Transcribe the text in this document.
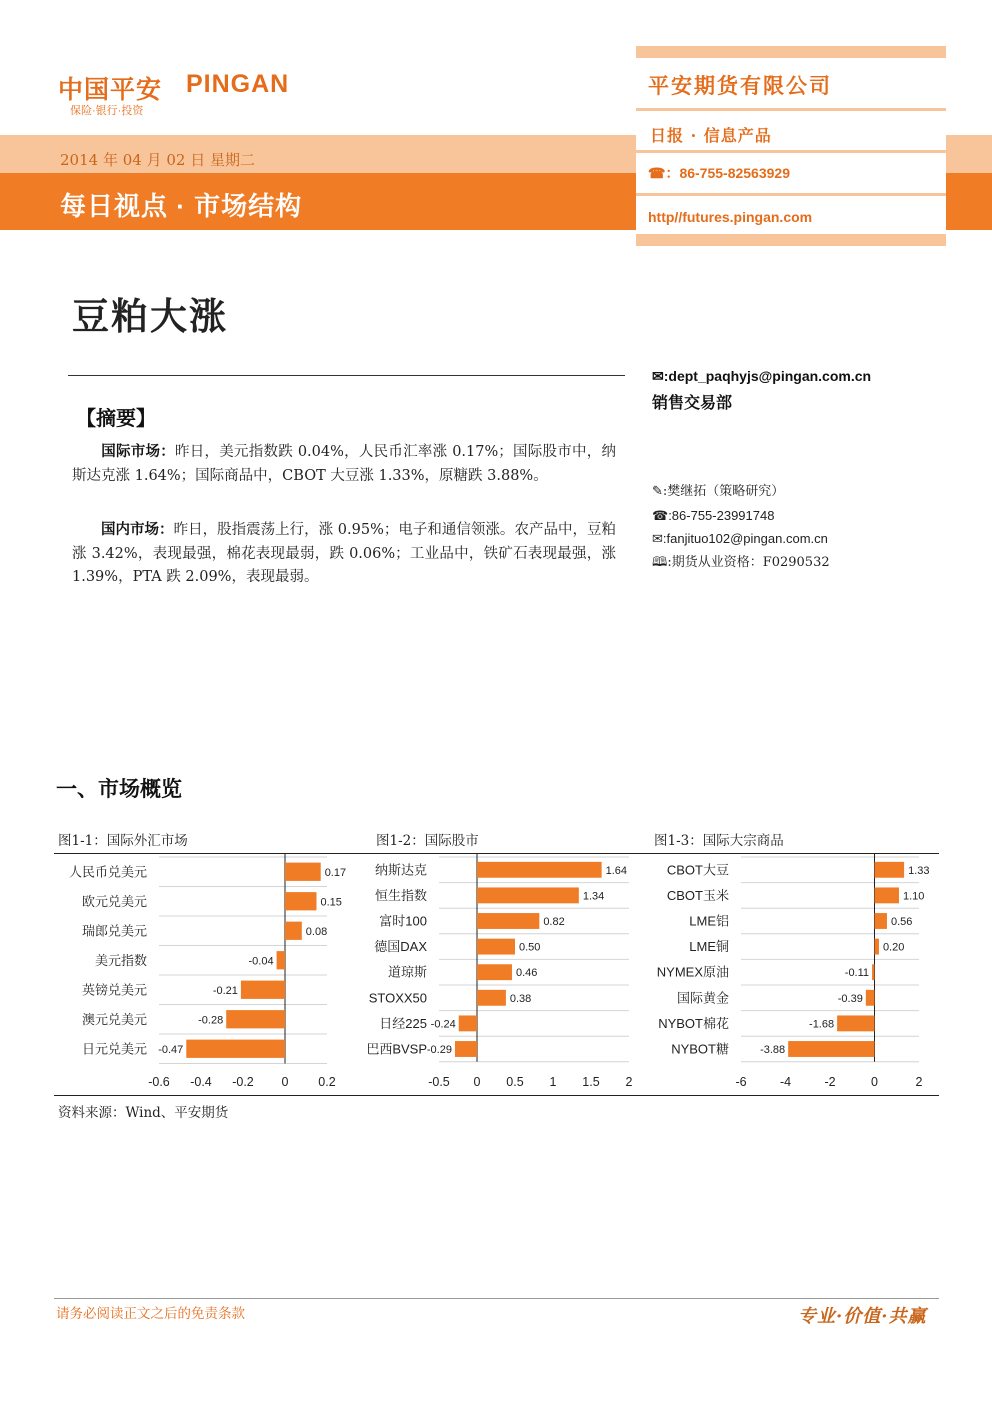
中国平安 PINGAN
保险·银行·投资
2014 年 04 月 02 日 星期二
每日视点 · 市场结构
平安期货有限公司
日报 · 信息产品
☎：86-755-82563929
http//futures.pingan.com
豆粕大涨
✉:dept_paqhyjs@pingan.com.cn
销售交易部
✎:樊继拓（策略研究）
☎:86-755-23991748
✉:fanjituo102@pingan.com.cn
🕮:期货从业资格：F0290532
【摘要】
国际市场：昨日，美元指数跌 0.04%，人民币汇率涨 0.17%；国际股市中，纳斯达克涨 1.64%；国际商品中，CBOT 大豆涨 1.33%，原糖跌 3.88%。
国内市场：昨日，股指震荡上行，涨 0.95%；电子和通信领涨。农产品中，豆粕涨 3.42%，表现最强，棉花表现最弱，跌 0.06%；工业品中，铁矿石表现最强，涨 1.39%，PTA 跌 2.09%，表现最弱。
一、市场概览
图1-1：国际外汇市场	图1-2：国际股市	图1-3：国际大宗商品
资料来源：Wind、平安期货
人民币兑美元	0.17
欧元兑美元	0.15
瑞郎兑美元	0.08
美元指数	-0.04
英镑兑美元	-0.21
澳元兑美元	-0.28
日元兑美元 -0.47
-0.6 -0.4 -0.2 0 0.2
纳斯达克	1.64
恒生指数	1.34
富时100	0.82
德国DAX	0.50
道琼斯	0.46
STOXX50	0.38
日经225 -0.24
巴西BVSP -0.29
-0.5 0 0.5 1 1.5 2
CBOT大豆	1.33
CBOT玉米	1.10
LME铝	0.56
LME铜	0.20
NYMEX原油	-0.11
国际黄金	-0.39
NYBOT棉花	-1.68
NYBOT糖	-3.88
-6	-4	-2	0	2
请务必阅读正文之后的免责条款	专业·价值·共赢
